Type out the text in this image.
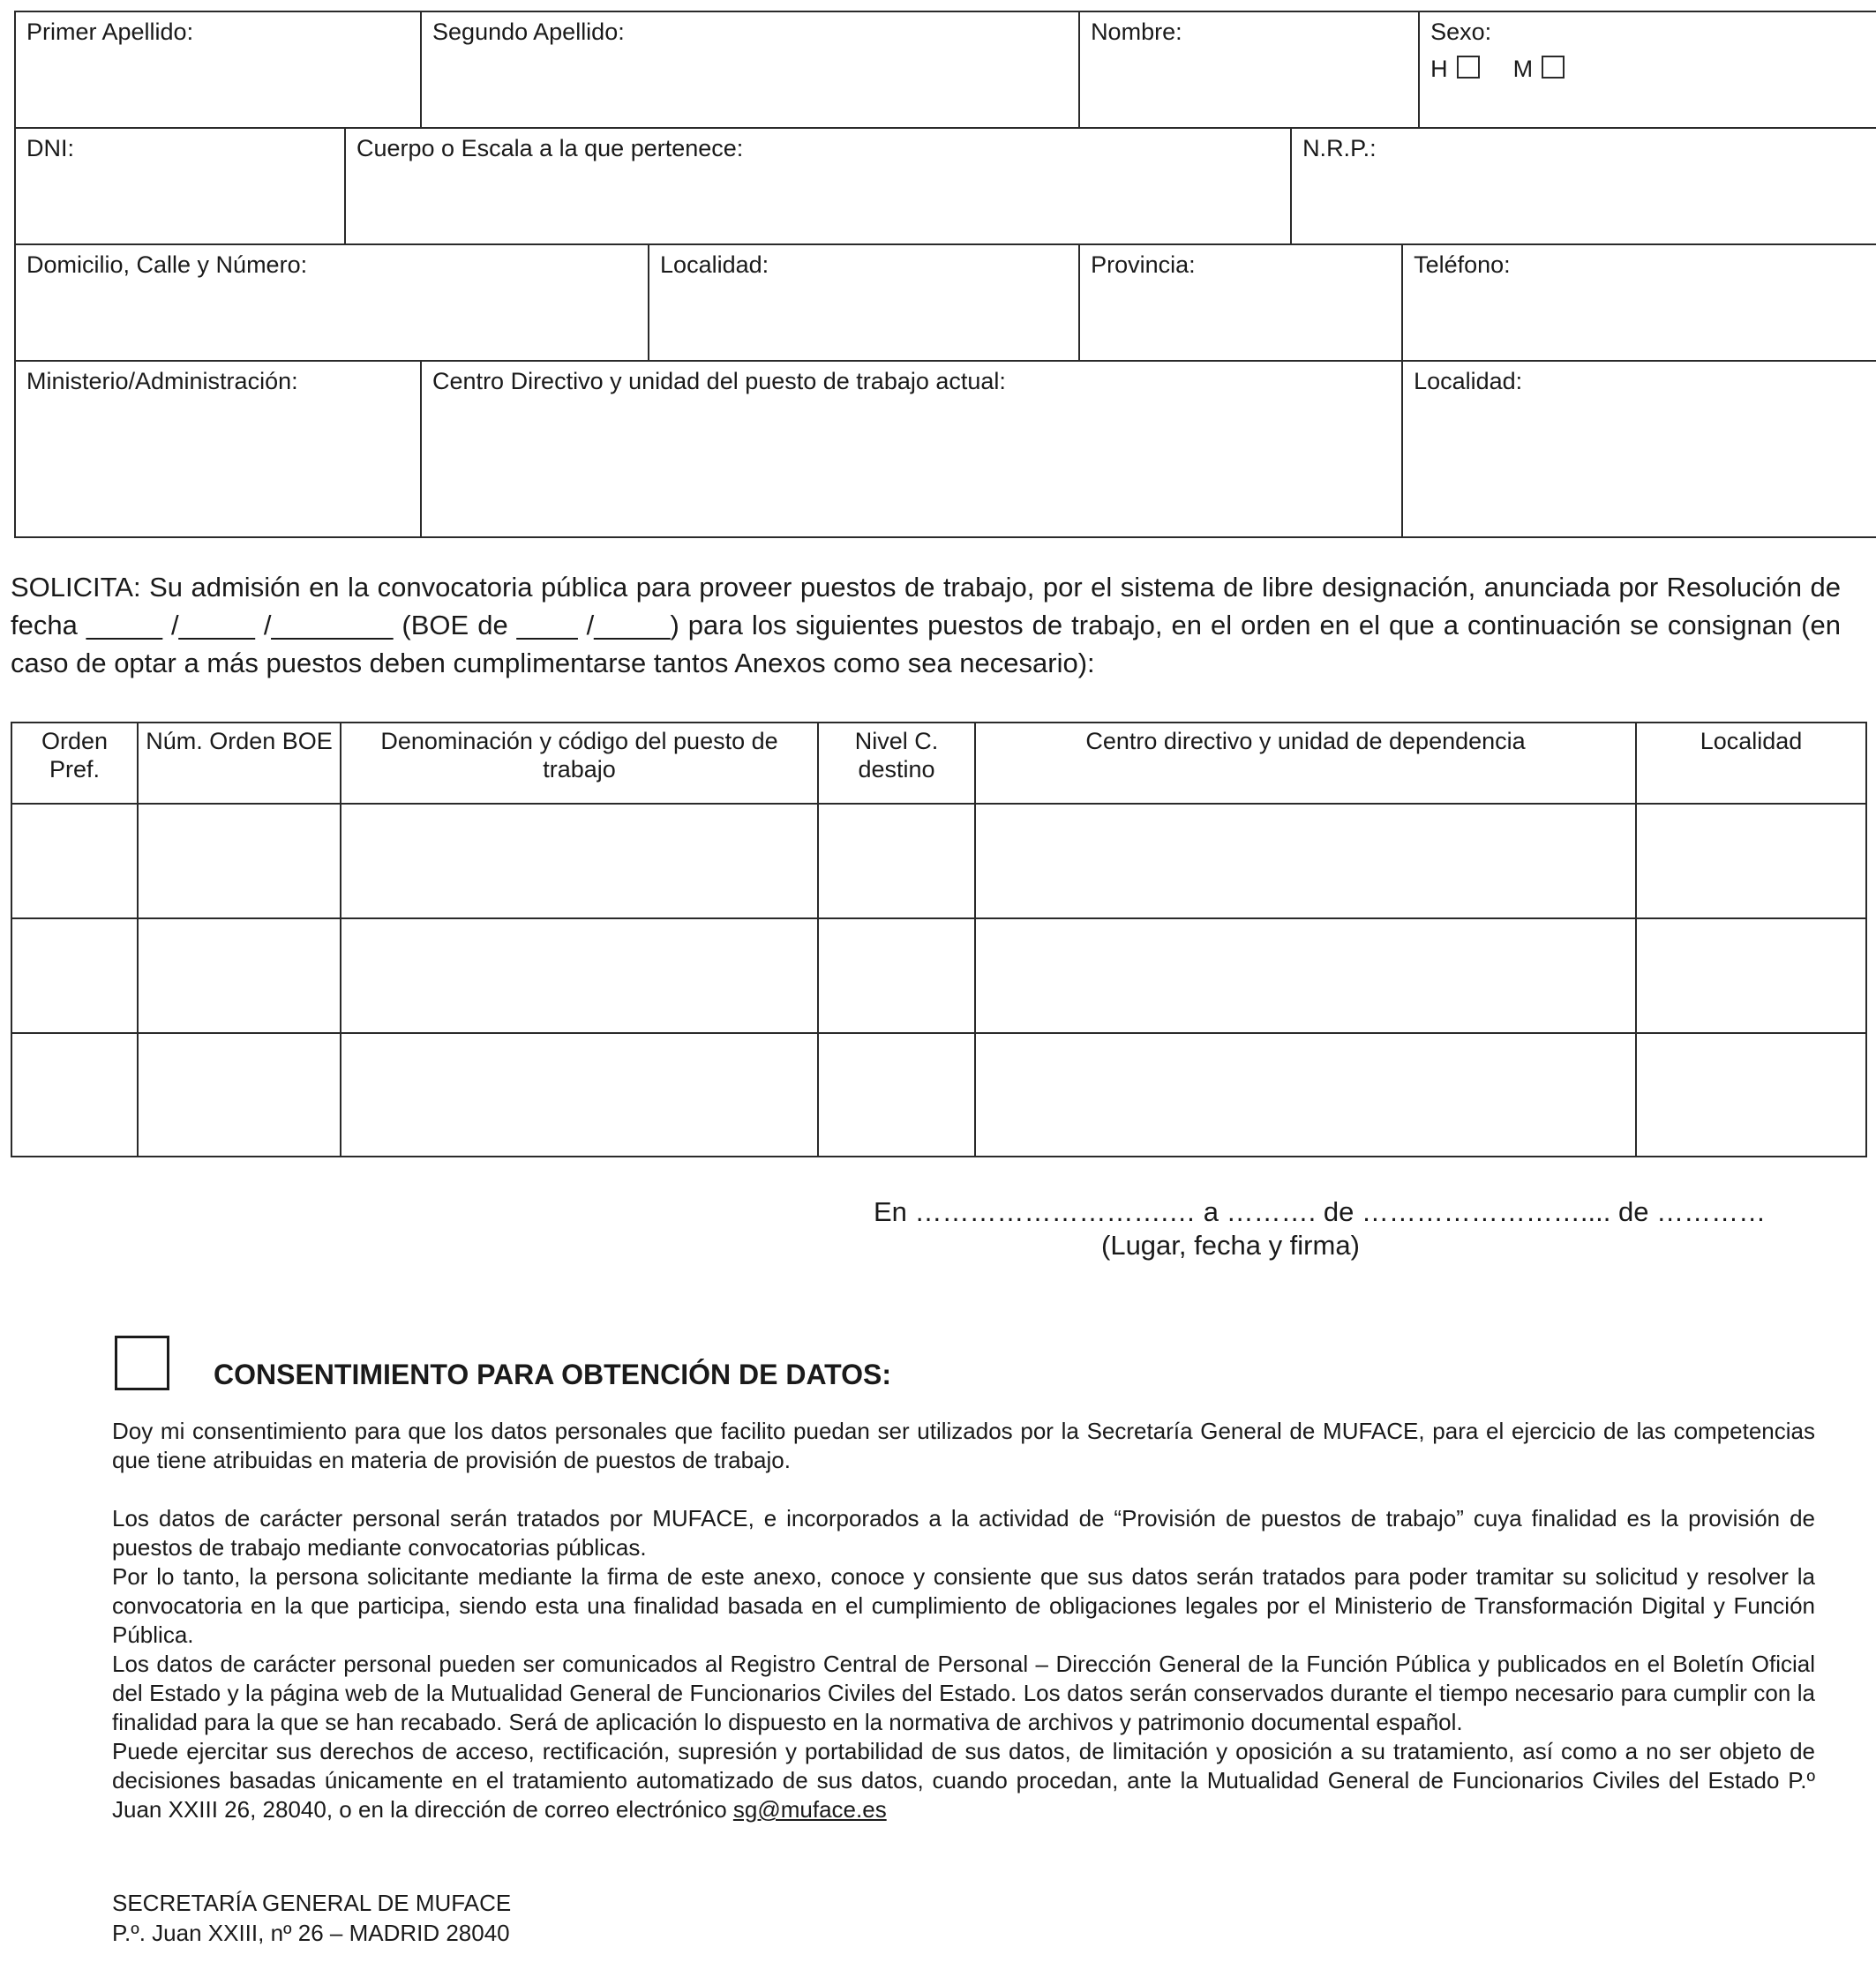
Primer Apellido:		Segundo Apellido:		Nombre:			Sexo:
H M

DNI:	Cuerpo o Escala a la que pertenece:				N.R.P.:		
Domicilio, Calle y Número:			Localidad:	Provincia:		Teléfono:	
Ministerio/Administración:		Centro Directivo y unidad del puesto de trabajo actual:				Localidad:	
SOLICITA: Su admisión en la convocatoria pública para proveer puestos de trabajo, por el sistema de libre designación, anunciada por Resolución de fecha _____ /_____ /________ (BOE de ____ /_____) para los siguientes puestos de trabajo, en el orden en el que a continuación se consignan (en caso de optar a más puestos deben cumplimentarse tantos Anexos como sea necesario):
Orden Pref.	Núm. Orden BOE	Denominación y código del puesto de trabajo	Nivel C. destino	Centro directivo y unidad de dependencia	Localidad

En ……………………….… a ………. de …………………….... de …………
(Lugar, fecha y firma)
CONSENTIMIENTO PARA OBTENCIÓN DE DATOS:

Doy mi consentimiento para que los datos personales que facilito puedan ser utilizados por la Secretaría General de MUFACE, para el ejercicio de las competencias que tiene atribuidas en materia de provisión de puestos de trabajo.

Los datos de carácter personal serán tratados por MUFACE, e incorporados a la actividad de “Provisión de puestos de trabajo” cuya finalidad es la provisión de puestos de trabajo mediante convocatorias públicas.

Por lo tanto, la persona solicitante mediante la firma de este anexo, conoce y consiente que sus datos serán tratados para poder tramitar su solicitud y resolver la convocatoria en la que participa, siendo esta una finalidad basada en el cumplimiento de obligaciones legales por el Ministerio de Transformación Digital y Función Pública.

Los datos de carácter personal pueden ser comunicados al Registro Central de Personal – Dirección General de la Función Pública y publicados en el Boletín Oficial del Estado y la página web de la Mutualidad General de Funcionarios Civiles del Estado. Los datos serán conservados durante el tiempo necesario para cumplir con la finalidad para la que se han recabado. Será de aplicación lo dispuesto en la normativa de archivos y patrimonio documental español.

Puede ejercitar sus derechos de acceso, rectificación, supresión y portabilidad de sus datos, de limitación y oposición a su tratamiento, así como a no ser objeto de decisiones basadas únicamente en el tratamiento automatizado de sus datos, cuando procedan, ante la Mutualidad General de Funcionarios Civiles del Estado P.º Juan XXIII 26, 28040, o en la dirección de correo electrónico sg@muface.es

SECRETARÍA GENERAL DE MUFACE
P.º. Juan XXIII, nº 26 – MADRID 28040
